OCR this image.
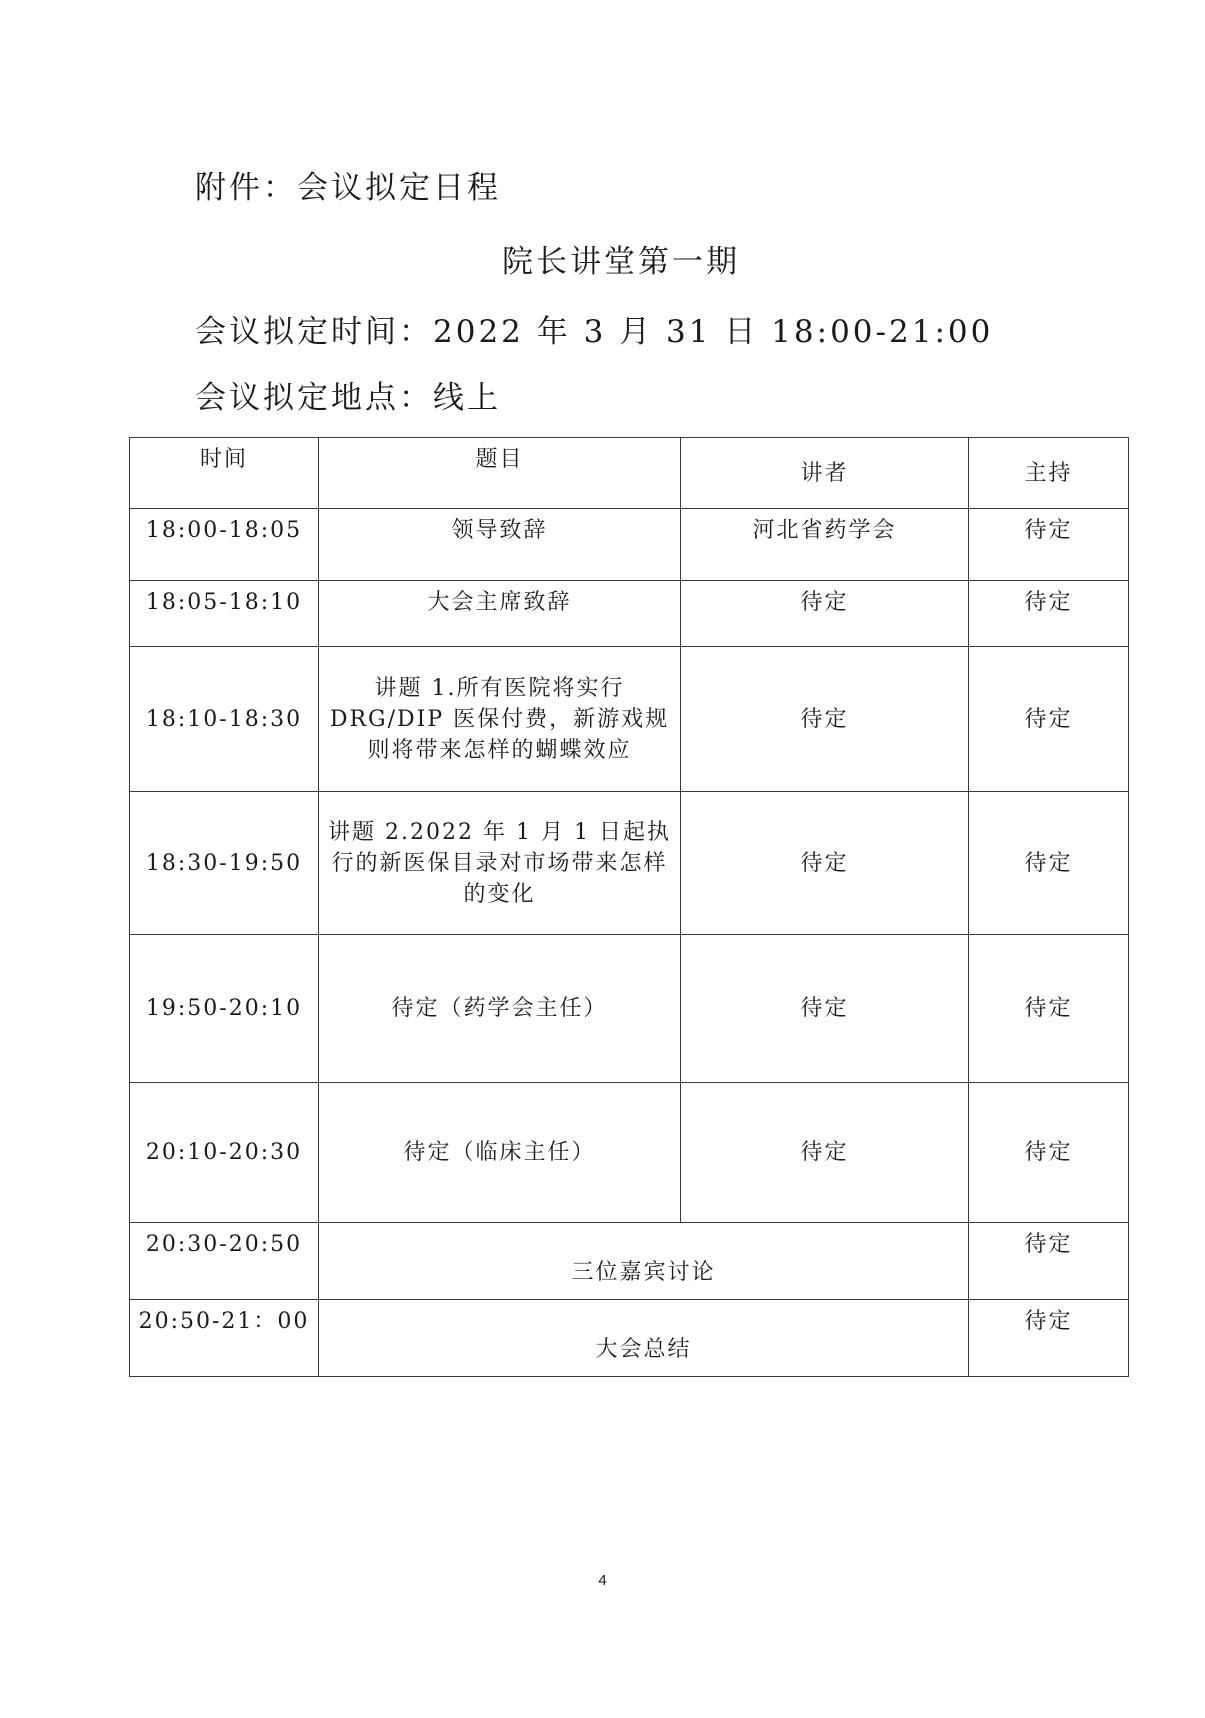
附件：会议拟定日程
院长讲堂第一期
会议拟定时间：2022 年 3 月 31 日 18:00-21:00
会议拟定地点：线上
时间	题目	讲者	主持
18:00-18:05	领导致辞	河北省药学会	待定
18:05-18:10	大会主席致辞	待定	待定
18:10-18:30	讲题 1.所有医院将实行 DRG/DIP 医保付费，新游戏规则将带来怎样的蝴蝶效应	待定	待定
18:30-19:50	讲题 2.2022 年 1 月 1 日起执行的新医保目录对市场带来怎样的变化	待定	待定
19:50-20:10	待定（药学会主任）	待定	待定
20:10-20:30	待定（临床主任）	待定	待定
20:30-20:50	三位嘉宾讨论		待定
20:50-21：00	大会总结		待定
4
